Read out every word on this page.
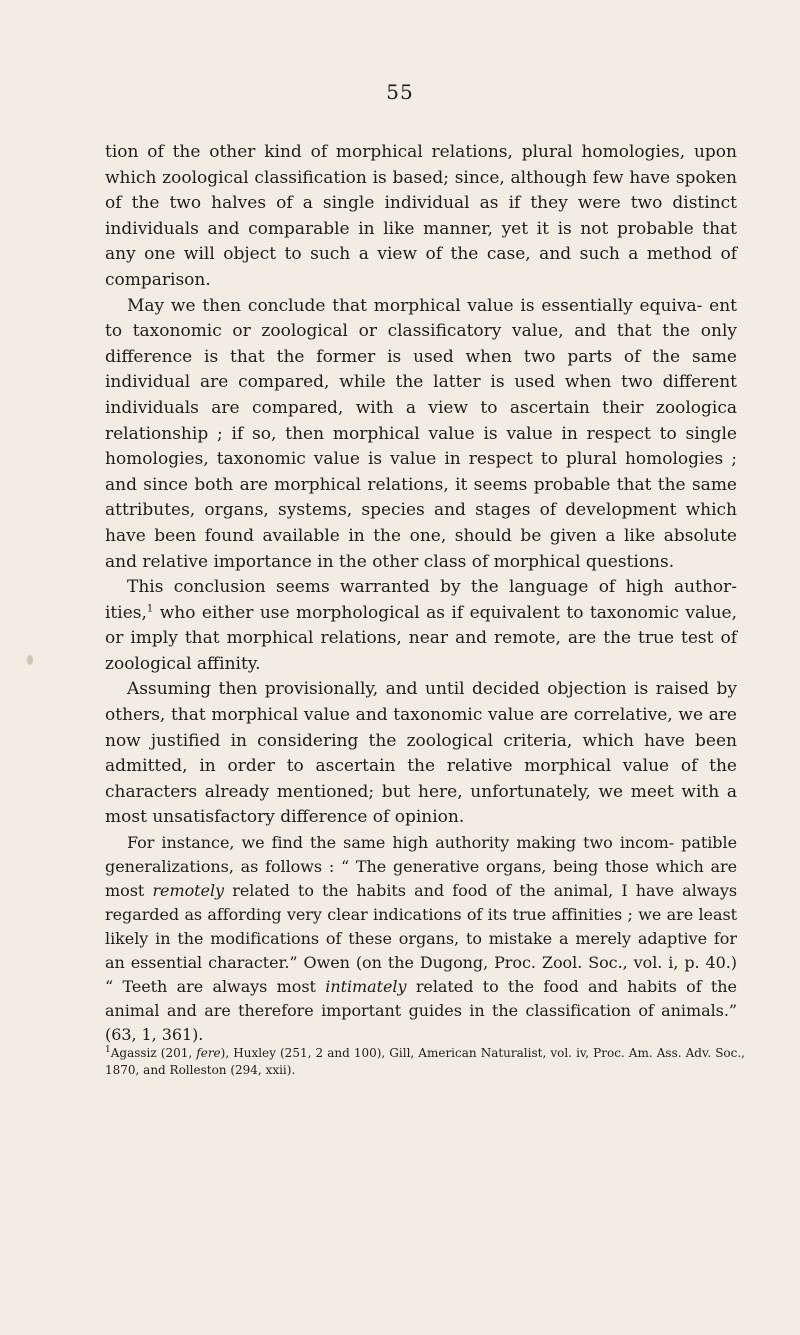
55

tion of the other kind of morphical relations, plural homologies, upon which zoological classification is based; since, although few have spoken of the two halves of a single individual as if they were two distinct individuals and comparable in like manner, yet it is not probable that any one will object to such a view of the case, and such a method of comparison.

May we then conclude that morphical value is essentially equiva- ent to taxonomic or zoological or classificatory value, and that the only difference is that the former is used when two parts of the same individual are compared, while the latter is used when two different individuals are compared, with a view to ascertain their zoologica relationship ; if so, then morphical value is value in respect to single homologies, taxonomic value is value in respect to plural homologies ; and since both are morphical relations, it seems probable that the same attributes, organs, systems, species and stages of development which have been found available in the one, should be given a like absolute and relative importance in the other class of morphical questions.

This conclusion seems warranted by the language of high author- ities,$^1$ who either use morphological as if equivalent to taxonomic value, or imply that morphical relations, near and remote, are the true test of zoological affinity.

Assuming then provisionally, and until decided objection is raised by others, that morphical value and taxonomic value are correlative, we are now justified in considering the zoological criteria, which have been admitted, in order to ascertain the relative morphical value of the characters already mentioned; but here, unfortunately, we meet with a most unsatisfactory difference of opinion.

For instance, we find the same high authority making two incom- patible generalizations, as follows : “ The generative organs, being those which are most remotely related to the habits and food of the animal, I have always regarded as affording very clear indications of its true affinities ; we are least likely in the modifications of these organs, to mistake a merely adaptive for an essential character.” Owen (on the Dugong, Proc. Zool. Soc., vol. i, p. 40.) “ Teeth are always most intimately related to the food and habits of the animal and are therefore important guides in the classification of animals.” (63, 1, 361).

$^1$Agassiz (201, fere), Huxley (251, 2 and 100), Gill, American Naturalist, vol. iv, Proc. Am. Ass. Adv. Soc., 1870, and Rolleston (294, xxii).
